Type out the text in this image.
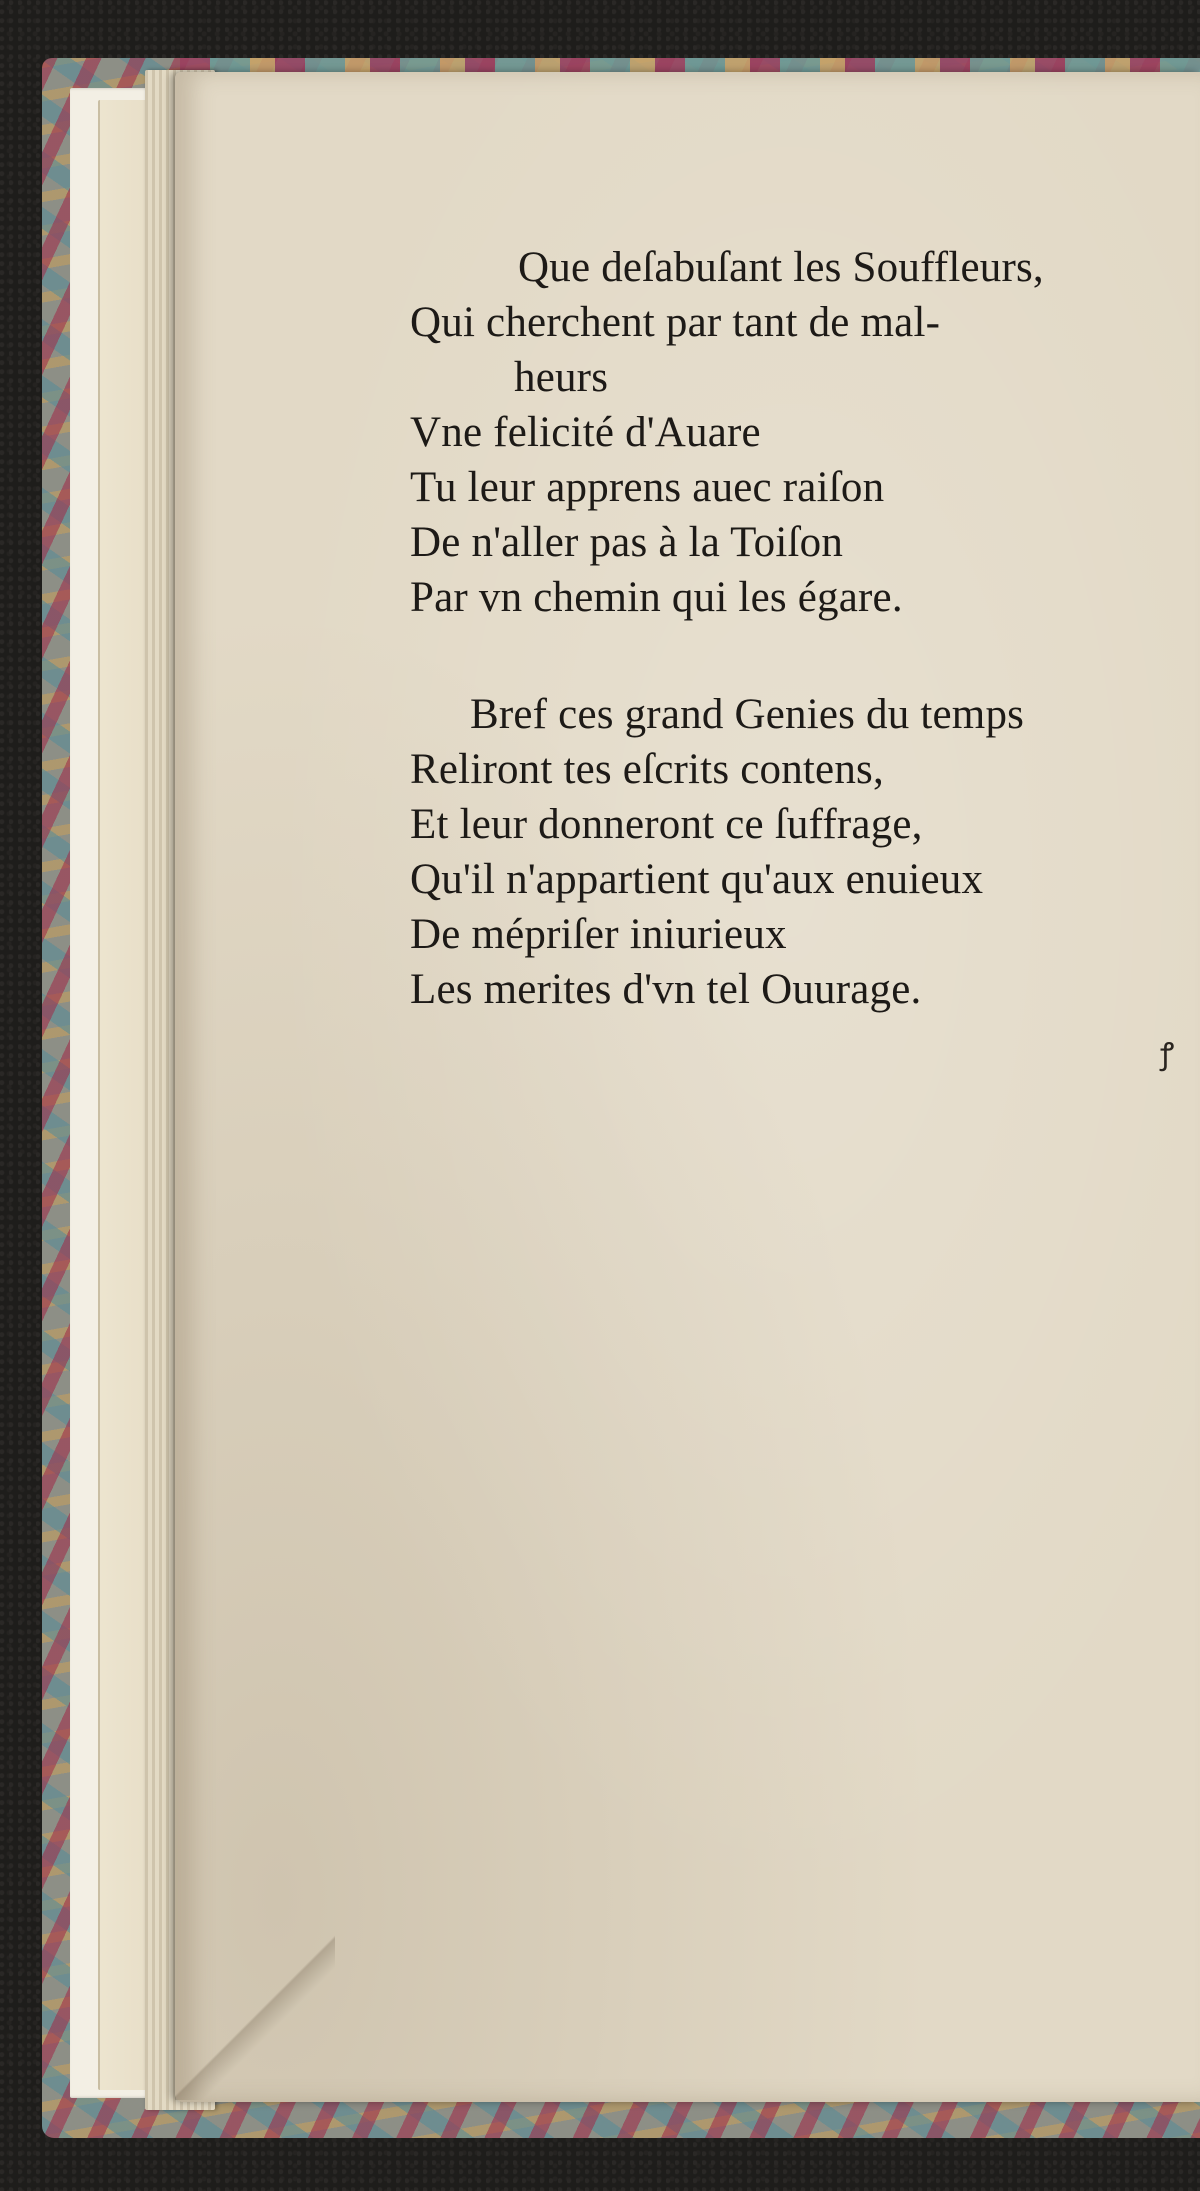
Que deſabuſant les Souffleurs,
Qui cherchent par tant de mal-
heurs
Vne felicité d'Auare
Tu leur apprens auec raiſon
De n'aller pas à la Toiſon
Par vn chemin qui les égare.
Bref ces grand Genies du temps
Reliront tes eſcrits contens,
Et leur donneront ce ſuffrage,
Qu'il n'appartient qu'aux enuieux
De mépriſer iniurieux
Les merites d'vn tel Ouurage.
ꝭ
